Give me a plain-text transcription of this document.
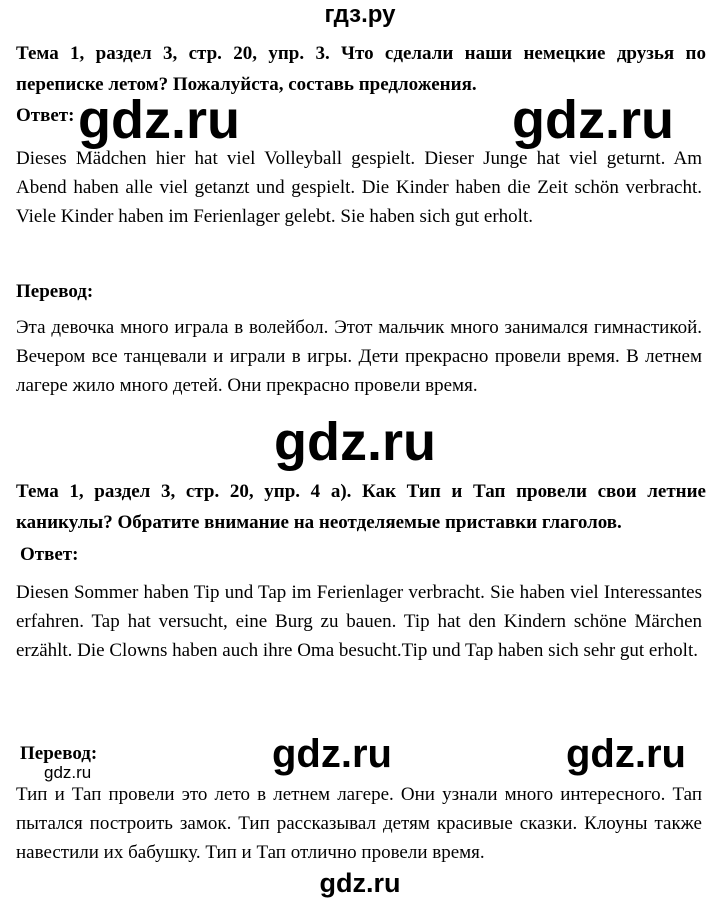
гдз.ру
Тема 1, раздел 3, стр. 20, упр. 3. Что сделали наши немецкие друзья по переписке летом? Пожалуйста, составь предложения.
Ответ:
Dieses Mädchen hier hat viel Volleyball gespielt. Dieser Junge hat viel geturnt. Am Abend haben alle viel getanzt und gespielt. Die Kinder haben die Zeit schön verbracht. Viele Kinder haben im Ferienlager gelebt. Sie haben sich gut erholt.
Перевод:
Эта девочка много играла в волейбол. Этот мальчик много занимался гимнастикой. Вечером все танцевали и играли в игры. Дети прекрасно провели время. В летнем лагере жило много детей. Они прекрасно провели время.
Тема 1, раздел 3, стр. 20, упр. 4 а). Как Тип и Тап провели свои летние каникулы? Обратите внимание на неотделяемые приставки глаголов.
Ответ:
Diesen Sommer haben Tip und Tap im Ferienlager verbracht. Sie haben viel Interessantes erfahren. Tap hat versucht, eine Burg zu bauen. Tip hat den Kindern schöne Märchen erzählt. Die Clowns haben auch ihre Oma besucht.Tip und Tap haben sich sehr gut erholt.
Перевод:
Тип и Тап провели это лето в летнем лагере. Они узнали много интересного. Тап пытался построить замок. Тип рассказывал детям красивые сказки. Клоуны также навестили их бабушку. Тип и Тап отлично провели время.
gdz.ru	gdz.ru
gdz.ru
gdz.ru	gdz.ru
gdz.ru
gdz.ru
